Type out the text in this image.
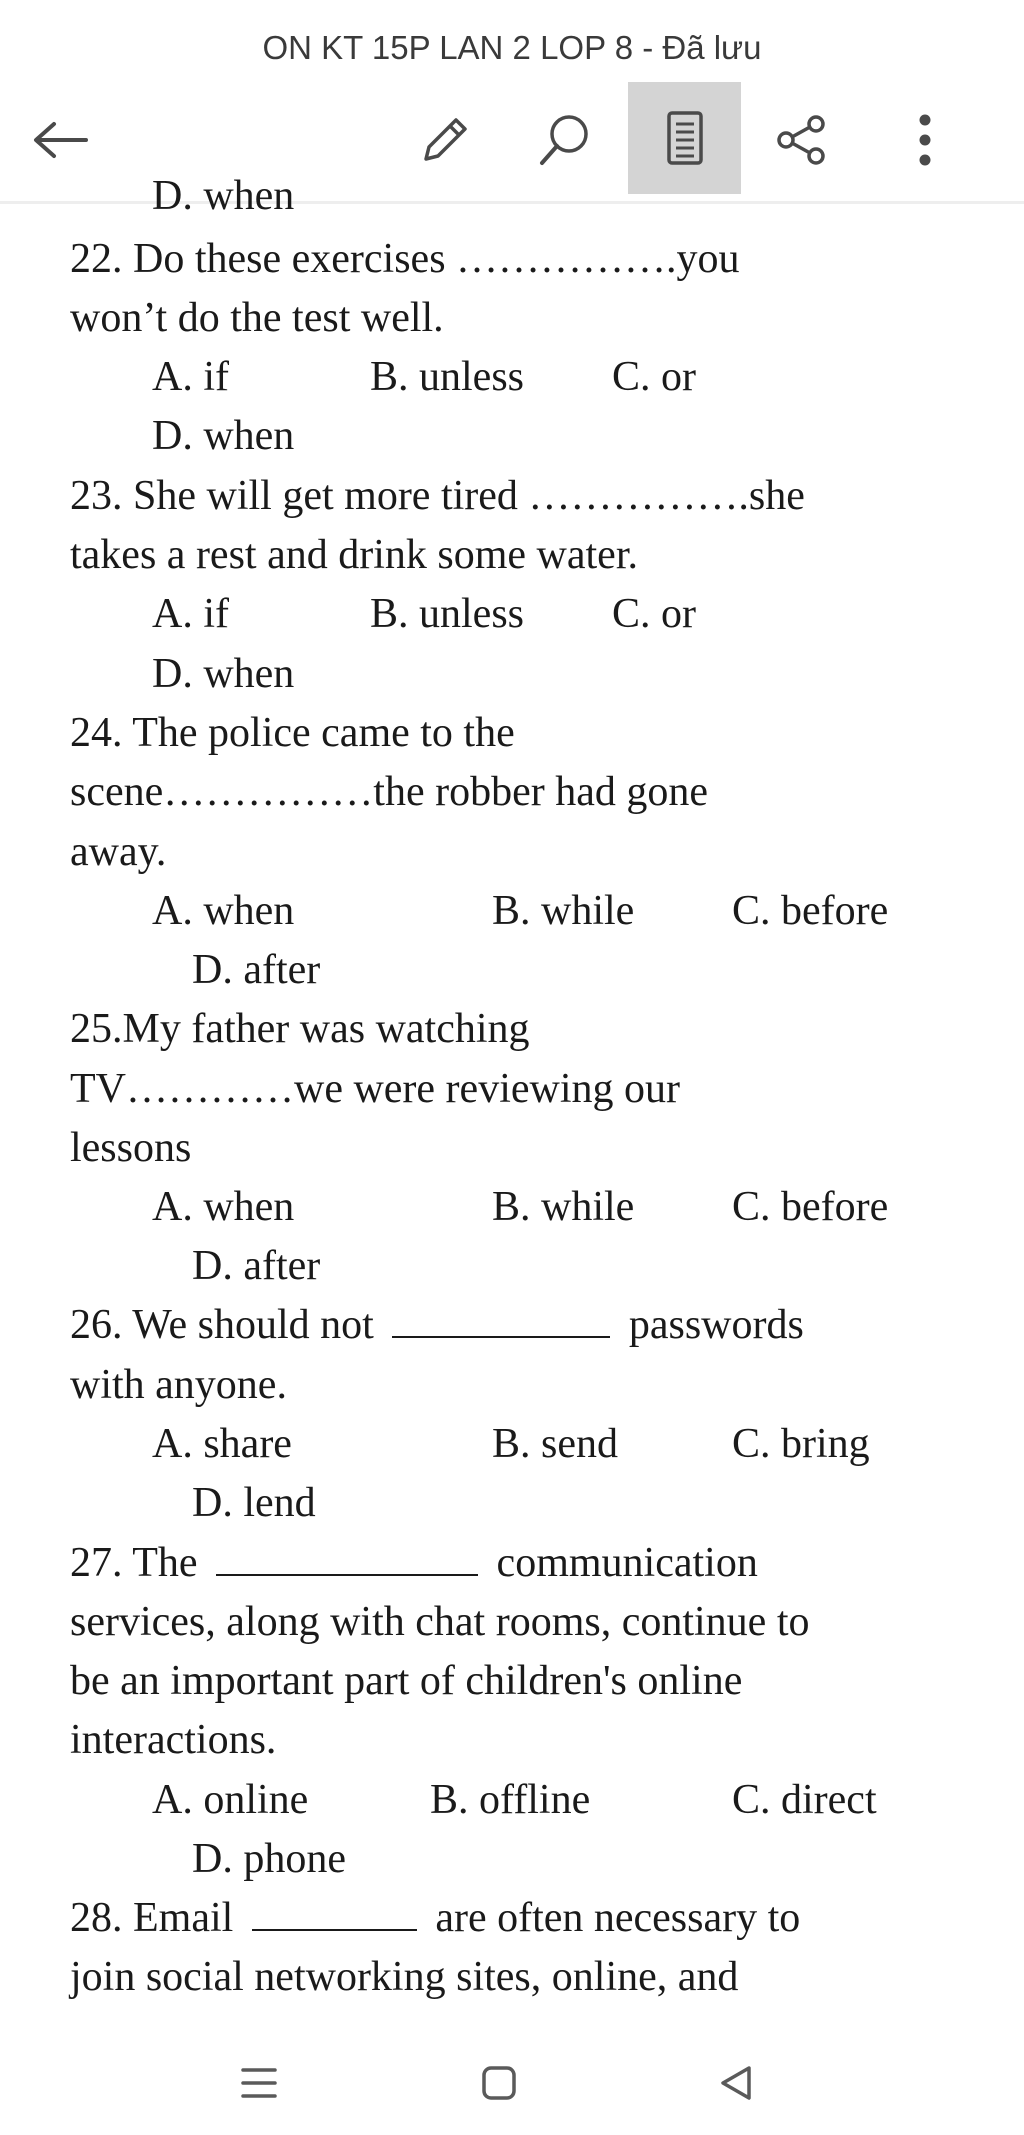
ON KT 15P LAN 2 LOP 8 - Đã lưu
D. when
22. Do these exercises …………….you
won’t do the test well.
A. if	B. unless C. or
D. when
23. She will get more tired …………….she
takes a rest and drink some water.
A. if	B. unless C. or
D. when
24. The police came to the
scene……………the robber had gone
away.
A. when	B. while C. before
D. after
25.My father was watching
TV…………we were reviewing our
lessons
A. when	B. while C. before
D. after
26. We should not	passwords
with anyone.
A. share	B. send	C. bring
D. lend
27. The	communication
services, along with chat rooms, continue to
be an important part of children's online
interactions.
A. online	B. offline	C. direct
D. phone
28. Email	are often necessary to
join social networking sites, online, and
